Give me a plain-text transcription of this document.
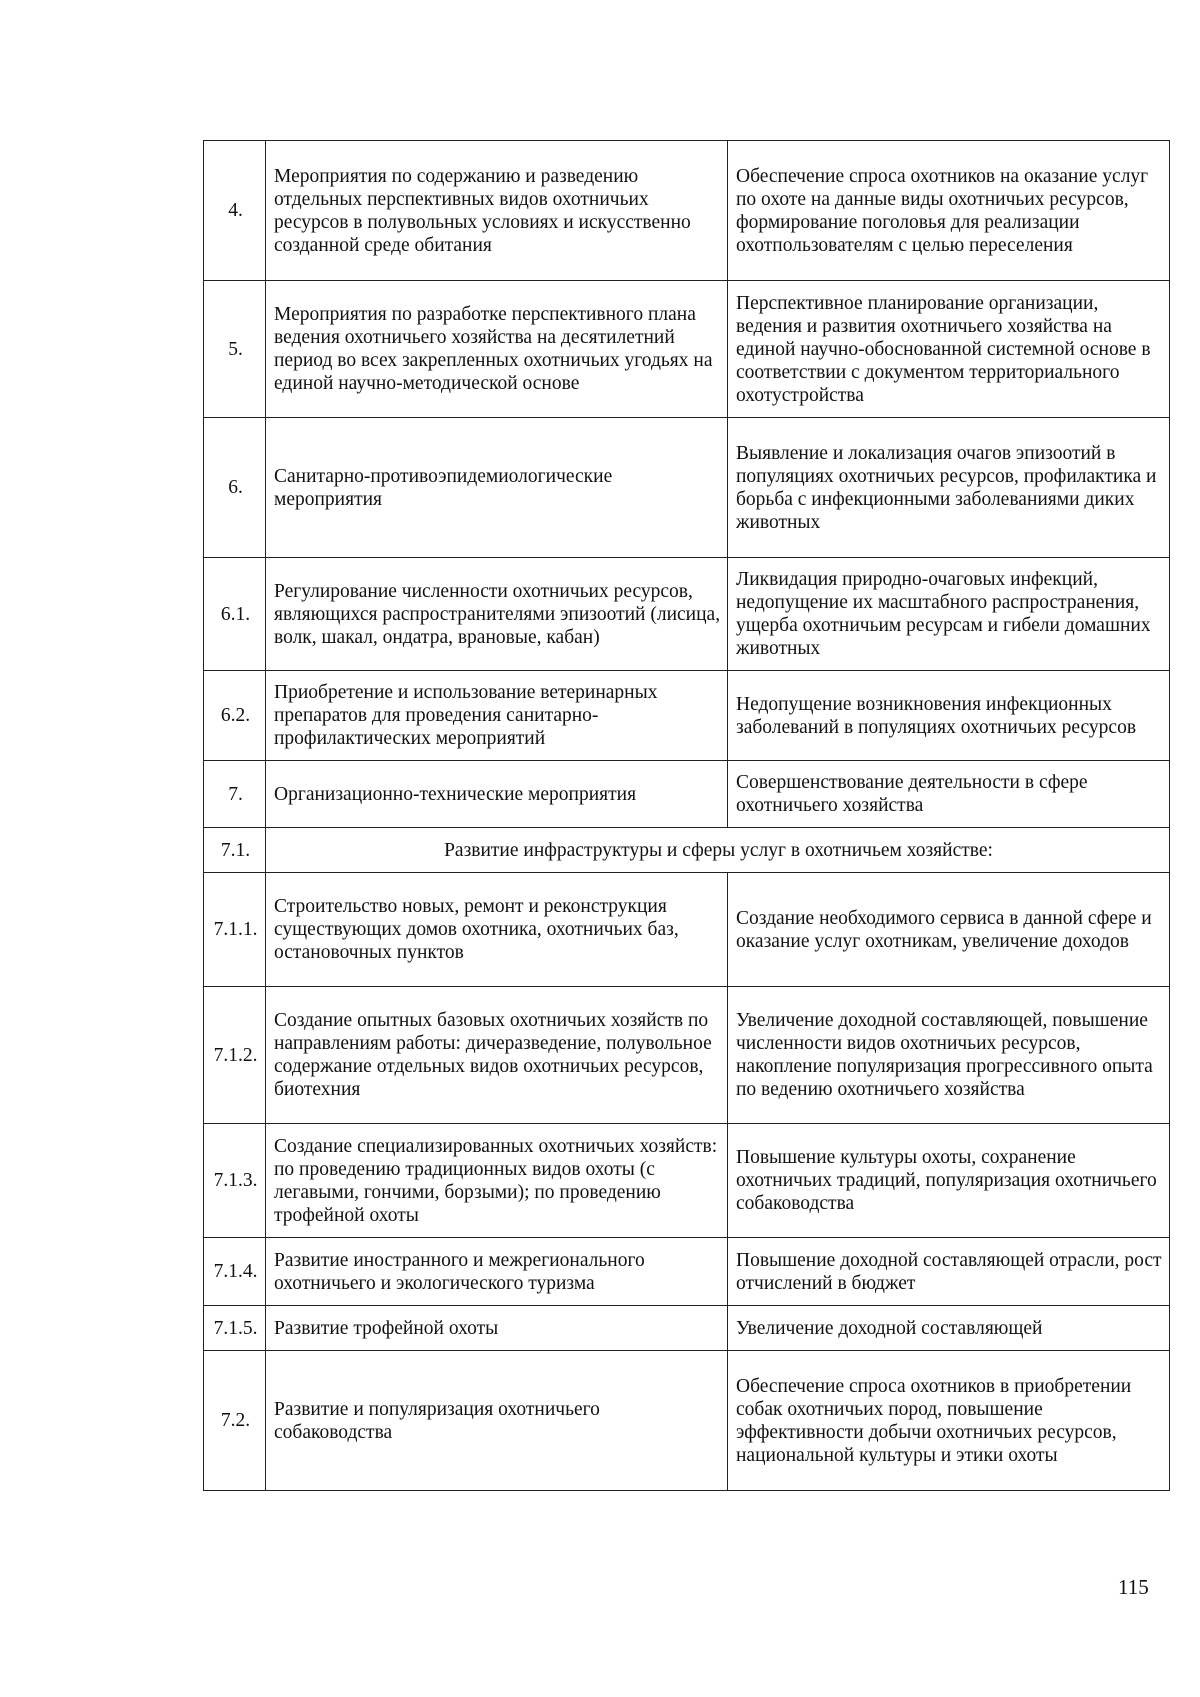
4.	Мероприятия по содержанию и разведению отдельных перспективных видов охотничьих ресурсов в полувольных условиях и искусственно созданной среде обитания	Обеспечение спроса охотников на оказание услуг по охоте на данные виды охотничьих ресурсов, формирование поголовья для реализации охотпользователям с целью переселения
5.	Мероприятия по разработке перспективного плана ведения охотничьего хозяйства на десятилетний период во всех закрепленных охотничьих угодьях на единой научно-методической основе	Перспективное планирование организации, ведения и развития охотничьего хозяйства на единой научно-обоснованной системной основе в соответствии с документом территориального охотустройства
6.	Санитарно-противоэпидемиологические мероприятия	Выявление и локализация очагов эпизоотий в популяциях охотничьих ресурсов, профилактика и борьба с инфекционными заболеваниями диких животных
6.1.	Регулирование численности охотничьих ресурсов, являющихся распространителями эпизоотий (лисица, волк, шакал, ондатра, врановые, кабан)	Ликвидация природно-очаговых инфекций, недопущение их масштабного распространения, ущерба охотничьим ресурсам и гибели домашних животных
6.2.	Приобретение и использование ветеринарных препаратов для проведения санитарно-профилактических мероприятий	Недопущение возникновения инфекционных заболеваний в популяциях охотничьих ресурсов
7.	Организационно-технические мероприятия	Совершенствование деятельности в сфере охотничьего хозяйства
7.1.	Развитие инфраструктуры и сферы услуг в охотничьем хозяйстве:	
7.1.1.	Строительство новых, ремонт и реконструкция существующих домов охотника, охотничьих баз, остановочных пунктов	Создание необходимого сервиса в данной сфере и оказание услуг охотникам, увеличение доходов
7.1.2.	Создание опытных базовых охотничьих хозяйств по направлениям работы: дичеразведение, полувольное содержание отдельных видов охотничьих ресурсов, биотехния	Увеличение доходной составляющей, повышение численности видов охотничьих ресурсов, накопление популяризация прогрессивного опыта по ведению охотничьего хозяйства
7.1.3.	Создание специализированных охотничьих хозяйств: по проведению традиционных видов охоты (с легавыми, гончими, борзыми); по проведению трофейной охоты	Повышение культуры охоты, сохранение охотничьих традиций, популяризация охотничьего собаководства
7.1.4.	Развитие иностранного и межрегионального охотничьего и экологического туризма	Повышение доходной составляющей отрасли, рост отчислений в бюджет
7.1.5.	Развитие трофейной охоты	Увеличение доходной составляющей
7.2.	Развитие и популяризация охотничьего собаководства	Обеспечение спроса охотников в приобретении собак охотничьих пород, повышение эффективности добычи охотничьих ресурсов, национальной культуры и этики охоты
115
